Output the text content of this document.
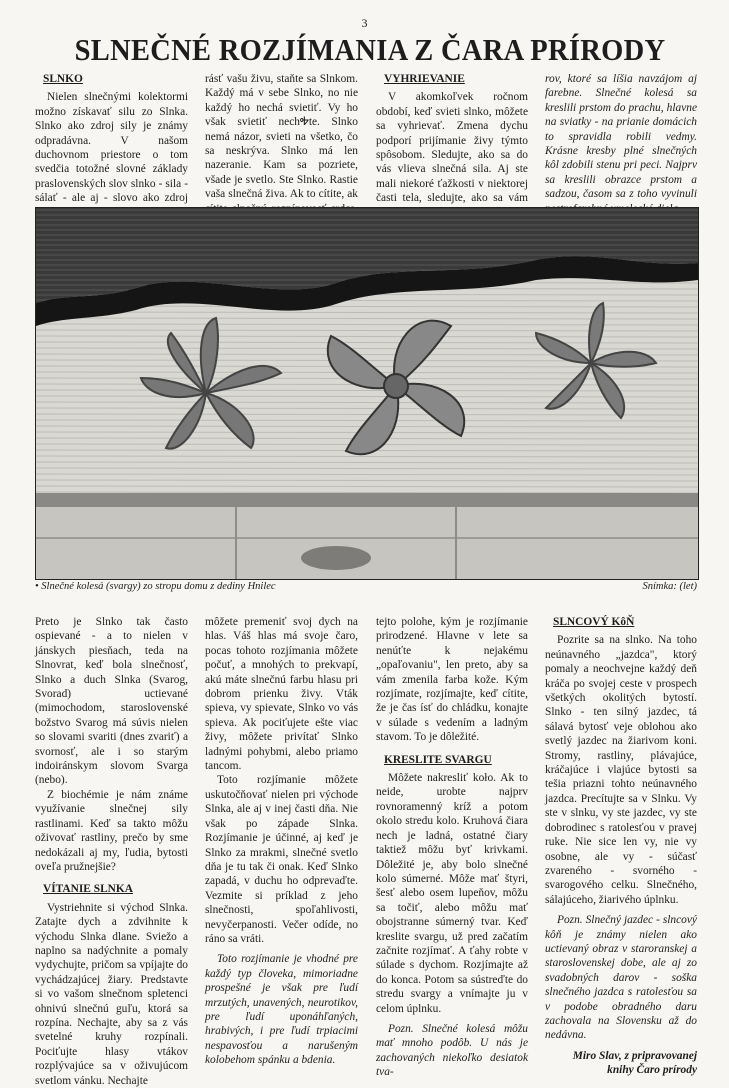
3
SLNEČNÉ ROZJÍMANIA Z ČARA PRÍRODY
SLNKO

Nielen slnečnými kolektormi možno získavať silu zo Slnka. Slnko ako zdroj sily je známy odpradávna. V našom duchovnom priestore o tom svedčia totožné slovné základy praslovenských slov slnko - sila - sálať - ale aj - slovo ako zdroj

rásť vašu živu, staňte sa Slnkom. Každý má v sebe Slnko, no nie každý ho nechá svietiť. Vy ho však svietiť nechᎭte. Slnko nemá názor, svieti na všetko, čo sa neskrýva. Slnko má len nazeranie. Kam sa pozriete, všade je svetlo. Ste Slnko. Rastie vaša slnečná živa. Ak to cítite, ak

VYHRIEVANIE

V akomkoľvek ročnom období, keď svieti slnko, môžete sa vyhrievať. Zmena dychu podporí prijímanie živy týmto spôsobom. Sledujte, ako sa do vás vlieva slnečná sila. Aj ste mali niekoré ťažkosti v niektorej časti tela, sledujte, ako sa vám

rov, ktoré sa líšia navzájom aj farebne. Slnečné kolesá sa kreslili prstom do prachu, hlavne na sviatky - na prianie domácich to spravidla robili vedmy. Krásne kresby plné slnečných kôl zdobili stenu pri peci. Najprv sa kreslili obrazce prstom a sadzou, časom sa z toho vyvinuli

• Slnečné kolesá (svargy) zo stropu domu z dediny Hnilec	Snímka: (let)

Preto je Slnko tak často ospievané - a to nielen v jánskych piesňach, teda na Slnovrat, keď bola slnečnosť, Slnko a duch Slnka (Svarog, Svorad) uctievané (mimochodom, staroslovenské božstvo Svarog má súvis nielen so slovami svariti (dnes zvariť) a svornosť, ale i so starým indoiránskym slovom Svarga (nebo).

Z biochémie je nám známe využívanie slnečnej sily rastlinami. Keď sa takto môžu oživovať rastliny, prečo by sme nedokázali aj my, ľudia, bytosti oveľa pružnejšie?

VÍTANIE SLNKA

Vystriehnite si východ Slnka. Zatajte dych a zdvihnite k východu Slnka dlane. Sviežo a naplno sa nadýchnite a pomaly vydychujte, pričom sa vpíjajte do vychádzajúcej žiary. Predstavte si vo vašom slnečnom spletenci ohnivú slnečnú guľu, ktorá sa rozpína. Nechajte, aby sa z vás svetelné kruhy rozpínali. Pociťujte hlasy vtákov rozplývajúce sa v oživujúcom svetlom vánku. Nechajte

môžete premeniť svoj dych na hlas. Váš hlas má svoje čaro, pocas tohoto rozjímania môžete počuť, a mnohých to prekvapí, akú máte slnečnú farbu hlasu pri dobrom prienku živy. Vták spieva, vy spievate, Slnko vo vás spieva. Ak pociťujete ešte viac živy, môžete privítať Slnko ladnými pohybmi, alebo priamo tancom.

Toto rozjímanie môžete uskutočňovať nielen pri východe Slnka, ale aj v inej časti dňa. Nie však po západe Slnka. Rozjímanie je účinné, aj keď je Slnko za mrakmi, slnečné svetlo dňa je tu tak či onak. Keď Slnko zapadá, v duchu ho odprevaďte. Vezmite si príklad z jeho slnečnosti, spoľahlivosti, nevyčerpanosti. Večer odíde, no ráno sa vráti.

Toto rozjímanie je vhodné pre každý typ človeka, mimoriadne prospešné je však pre ľudí mrzutých, unavených, neurotikov, pre ľudí uponáhľaných, hrabivých, i pre ľudí trpiacimi nespavosťou a narušeným kolobehom spánku a bdenia.

tejto polohe, kým je rozjímanie prirodzené. Hlavne v lete sa nenúťte k nejakému „opaľovaniu", len preto, aby sa vám zmenila farba kože. Kým rozjímate, rozjímajte, keď cítite, že je čas ísť do chládku, konajte v súlade s vedením a ladným stavom. To je dôležité.

KRESLITE SVARGU

Môžete nakresliť koło. Ak to neide, urobte najprv rovnoramenný kríž a potom okolo stredu kolo. Kruhová čiara nech je ladná, ostatné čiary taktiež môžu byť krivkami. Dôležité je, aby bolo slnečné kolo súmerné. Môže mať štyri, šesť alebo osem lupeňov, môžu sa točiť, alebo môžu mať obojstranne súmerný tvar. Keď kreslite svargu, už pred začatím začnite rozjímať. A ťahy robte v súlade s dychom. Rozjímajte až do konca. Potom sa sústreďte do stredu svargy a vnímajte ju v celom úplnku.

Pozn. Slnečné kolesá môžu mať mnoho podôb. U nás je zachovaných niekoľko desiatok tva-

SLNCOVÝ KôŇ

Pozrite sa na slnko. Na toho neúnavného „jazdca", ktorý pomaly a neochvejne každý deň kráča po svojej ceste v prospech všetkých okolitých bytostí. Slnko - ten silný jazdec, tá sálavá bytosť veje oblohou ako svetlý jazdec na žiarivom koni. Stromy, rastliny, plávajúce, kráčajúce i vlajúce bytosti sa tešia priazni tohto neúnavného jazdca. Precítujte sa v Slnku. Vy ste v slnku, vy ste jazdec, vy ste dobrodinec s ratolesťou v pravej ruke. Nie sice len vy, nie vy osobne, ale vy - súčasť zvareného - svorného - svarogového celku. Slnečného, sálajúceho, žiarivého úplnku.

Pozn. Slnečný jazdec - slncový kôň je známy nielen ako uctievaný obraz v staroranskej a staroslovenskej dobe, ale aj zo svadobných darov - soška slnečného jazdca s ratolesťou sa v podobe obradného daru zachovala na Slovensku až do nedávna.

Miro Slav, z pripravovanej knihy Čaro prírody
